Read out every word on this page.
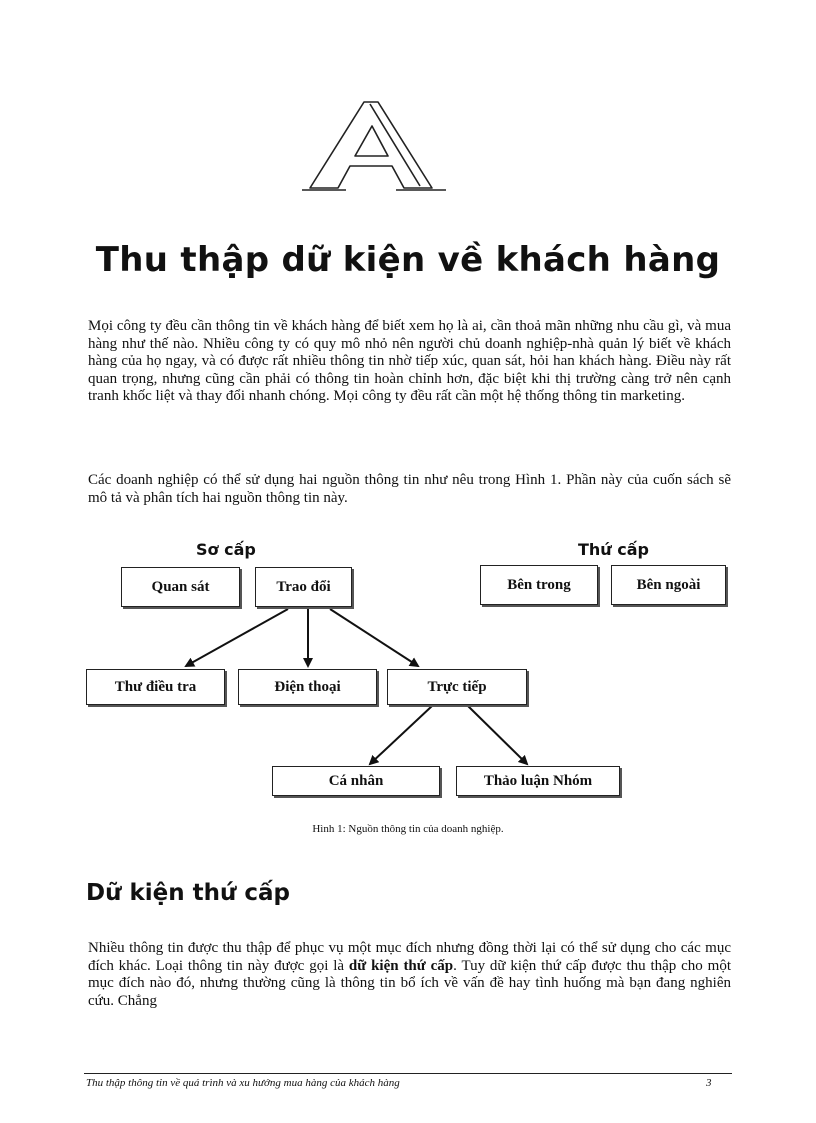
Thu thập dữ kiện về khách hàng

Mọi công ty đều cần thông tin về khách hàng để biết xem họ là ai, cần thoả mãn những nhu cầu gì, và mua hàng như thế nào. Nhiều công ty có quy mô nhỏ nên người chủ doanh nghiệp-nhà quản lý biết về khách hàng của họ ngay, và có được rất nhiều thông tin nhờ tiếp xúc, quan sát, hỏi han khách hàng. Điều này rất quan trọng, nhưng cũng cần phải có thông tin hoàn chỉnh hơn, đặc biệt khi thị trường càng trở nên cạnh tranh khốc liệt và thay đổi nhanh chóng. Mọi công ty đều rất cần một hệ thống thông tin marketing.

Các doanh nghiệp có thể sử dụng hai nguồn thông tin như nêu trong Hình 1. Phần này của cuốn sách sẽ mô tả và phân tích hai nguồn thông tin này.

Sơ cấp	Thứ cấp
Quan sát	Trao đổi	Bên trong	Bên ngoài
Thư điều tra	Điện thoại	Trực tiếp
Cá nhân	Thảo luận Nhóm

Hình 1: Nguồn thông tin của doanh nghiệp.

Dữ kiện thứ cấp

Nhiều thông tin được thu thập để phục vụ một mục đích nhưng đồng thời lại có thể sử dụng cho các mục đích khác. Loại thông tin này được gọi là dữ kiện thứ cấp. Tuy dữ kiện thứ cấp được thu thập cho một mục đích nào đó, nhưng thường cũng là thông tin bổ ích về vấn đề hay tình huống mà bạn đang nghiên cứu. Chẳng

Thu thập thông tin về quá trình và xu hướng mua hàng của khách hàng	3
